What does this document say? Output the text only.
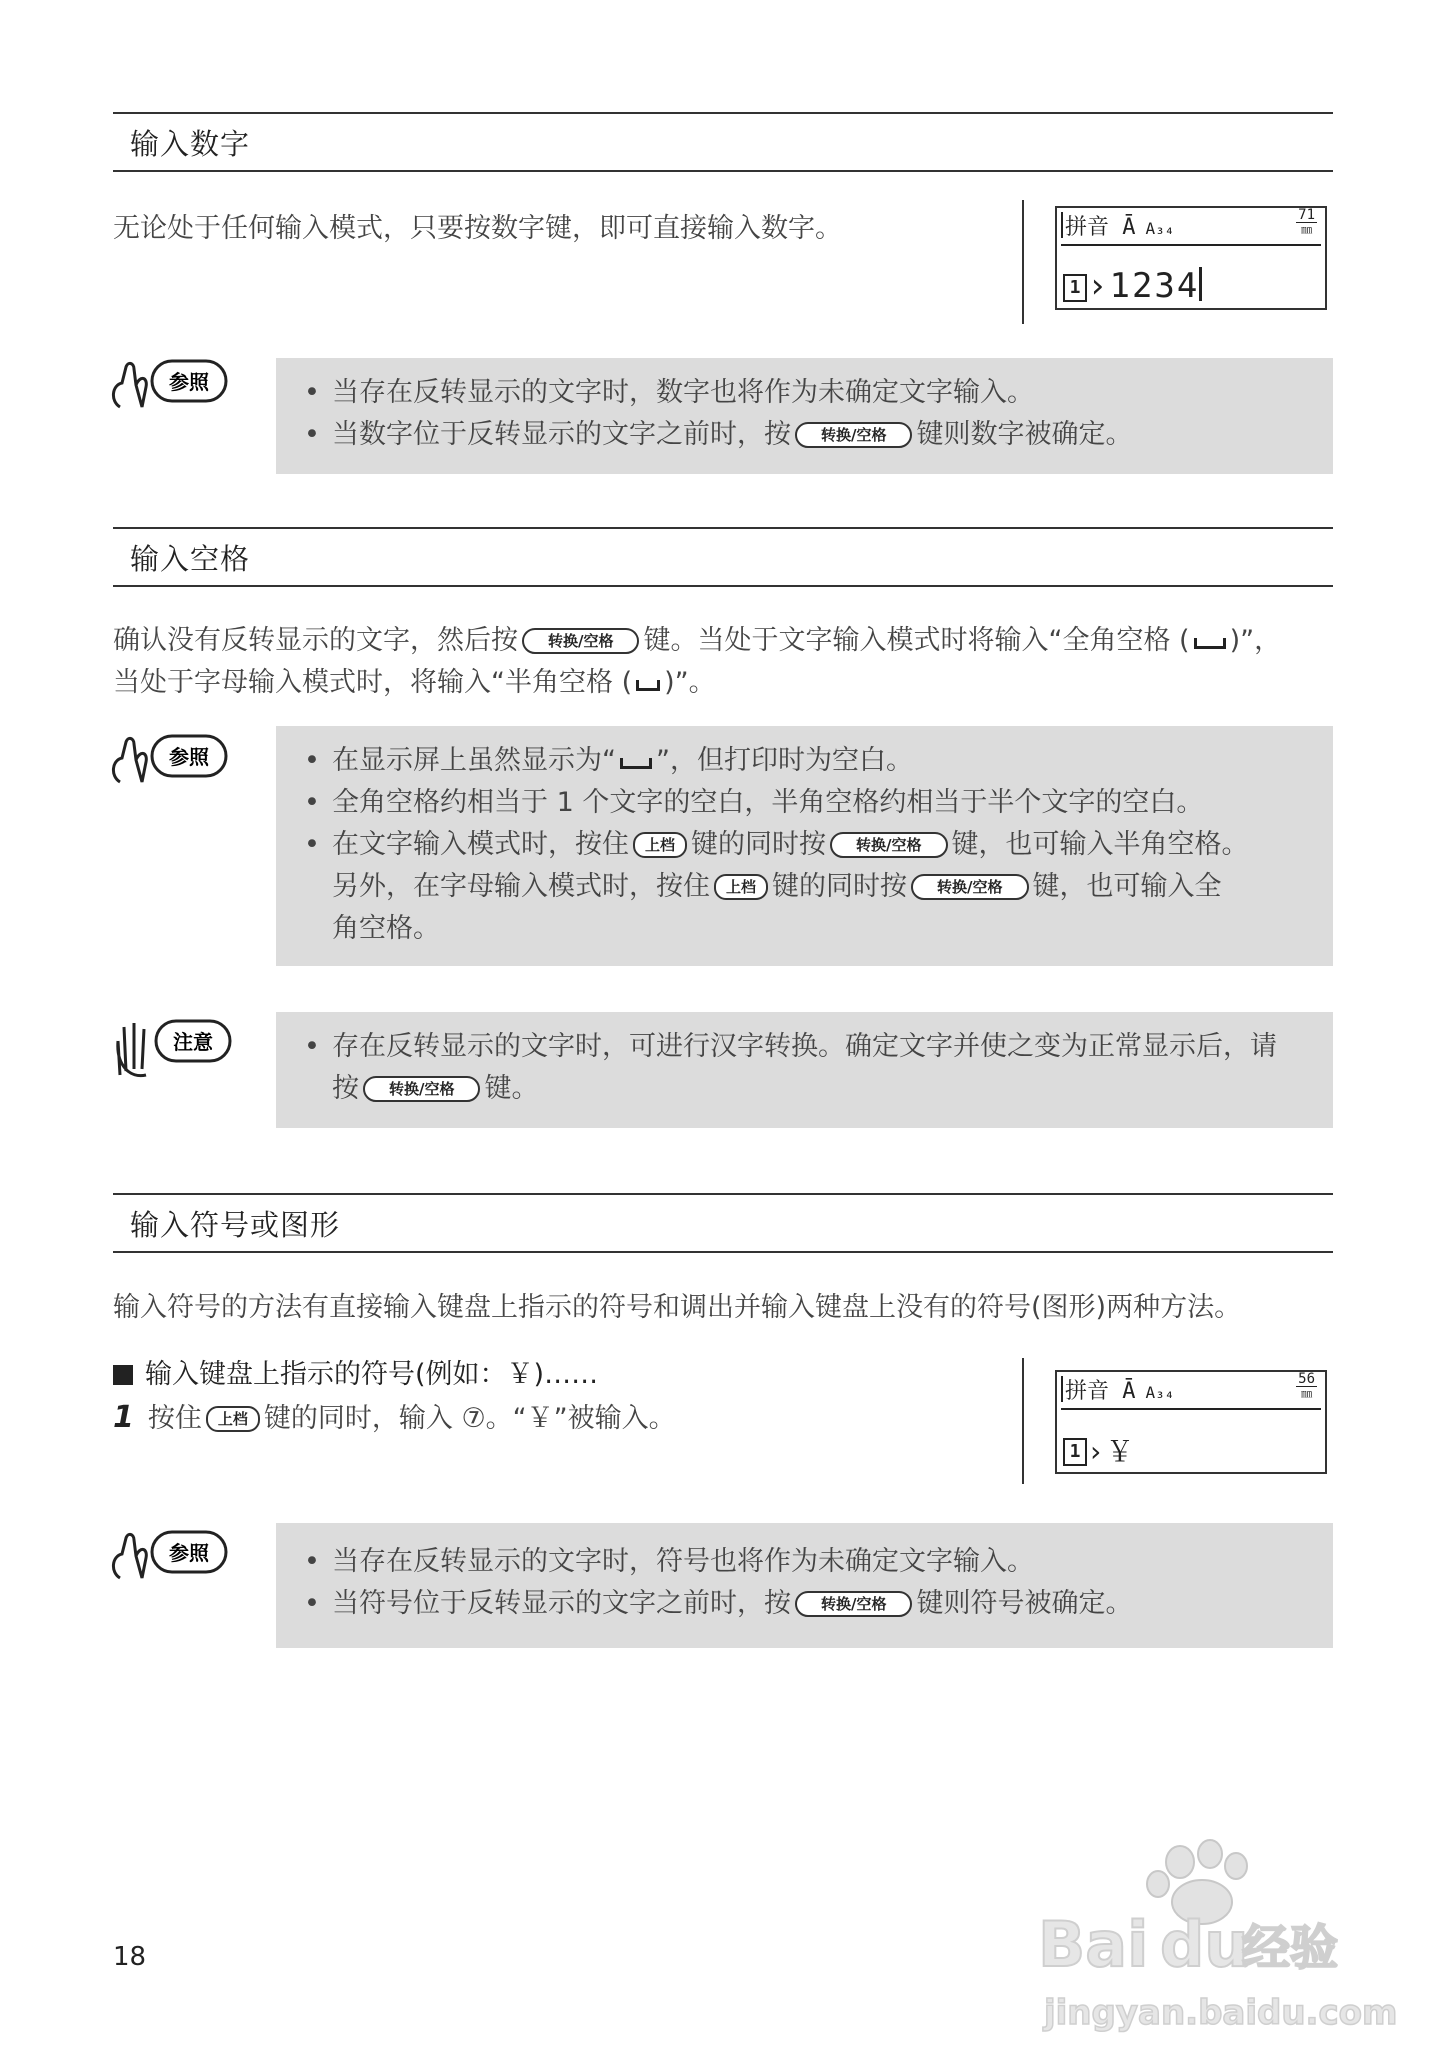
输入数字
无论处于任何输入模式，只要按数字键，即可直接输入数字。	拼音 Ā A₃₄
71
㎜
1 ›1234
参照	• 当存在反转显示的文字时，数字也将作为未确定文字输入。
• 当数字位于反转显示的文字之前时，按 转换/空格 键则数字被确定。
输入空格
确认没有反转显示的文字，然后按 转换/空格 键。当处于文字输入模式时将输入“全角空格 ( )”，
当处于字母输入模式时，将输入“半角空格 ( )”。
参照	• 在显示屏上虽然显示为“ ”，但打印时为空白。
• 全角空格约相当于 1 个文字的空白，半角空格约相当于半个文字的空白。
• 在文字输入模式时，按住 上档 键的同时按 转换/空格 键，也可输入半角空格。
另外，在字母输入模式时，按住 上档 键的同时按 转换/空格 键，也可输入全
角空格。
注意	• 存在反转显示的文字时，可进行汉字转换。确定文字并使之变为正常显示后，请
按 转换/空格 键。
输入符号或图形
输入符号的方法有直接输入键盘上指示的符号和调出并输入键盘上没有的符号(图形)两种方法。
输入键盘上指示的符号(例如：￥)……
1 按住 上档 键的同时，输入 ⑦。“￥”被输入。
拼音 Ā A₃₄
56
㎜
1 ›￥
参照	• 当存在反转显示的文字时，符号也将作为未确定文字输入。
• 当符号位于反转显示的文字之前时，按 转换/空格 键则符号被确定。
18	Bai du
经验
jingyan.baidu.com
